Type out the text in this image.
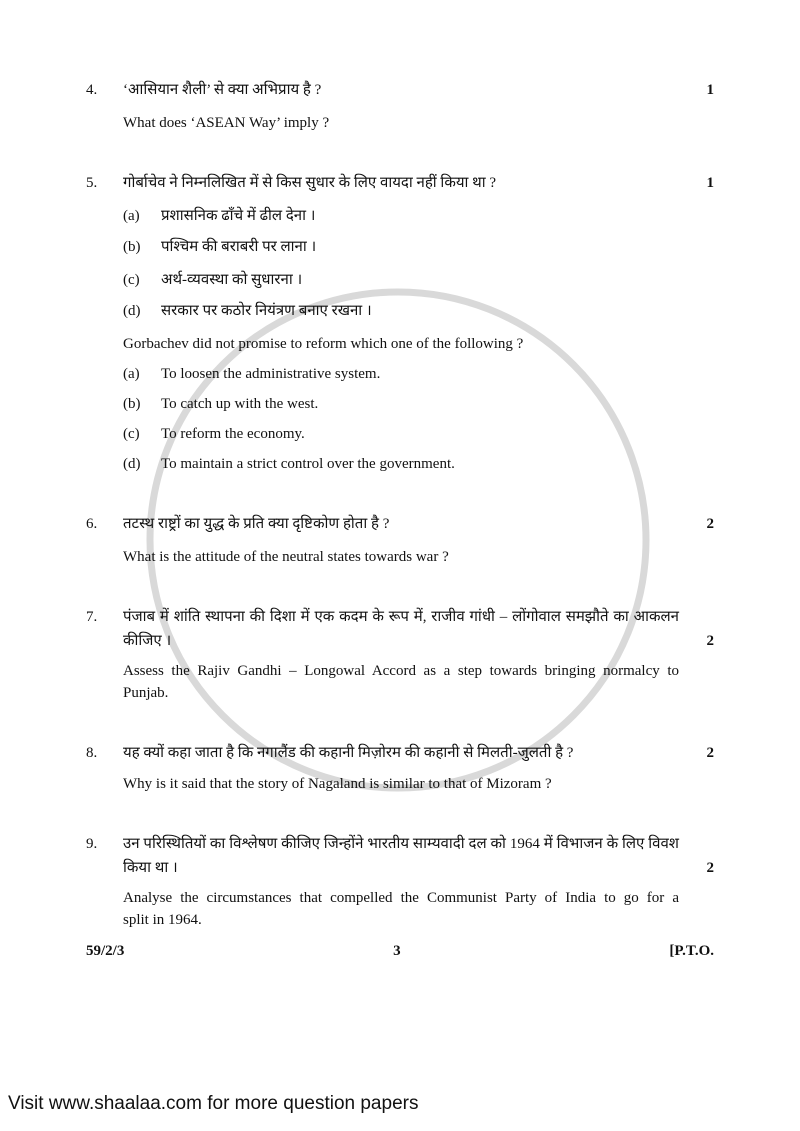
4.	‘आसियान शैली’ से क्या अभिप्राय है ?	1
What does ‘ASEAN Way’ imply ?
5.	गोर्बाचेव ने निम्नलिखित में से किस सुधार के लिए वायदा नहीं किया था ?	1
(a)	प्रशासनिक ढाँचे में ढील देना ।
(b)	पश्चिम की बराबरी पर लाना ।
(c)	अर्थ-व्यवस्था को सुधारना ।
(d)	सरकार पर कठोर नियंत्रण बनाए रखना ।
Gorbachev did not promise to reform which one of the following ?
(a)	To loosen the administrative system.
(b)	To catch up with the west.
(c)	To reform the economy.
(d)	To maintain a strict control over the government.
6.	तटस्थ राष्ट्रों का युद्ध के प्रति क्या दृष्टिकोण होता है ?	2
What is the attitude of the neutral states towards war ?
7.	पंजाब में शांति स्थापना की दिशा में एक कदम के रूप में, राजीव गांधी – लोंगोवाल समझौते का आकलन
कीजिए ।	2
Assess the Rajiv Gandhi – Longowal Accord as a step towards bringing normalcy to
Punjab.
8.	यह क्यों कहा जाता है कि नगालैंड की कहानी मिज़ोरम की कहानी से मिलती-जुलती है ?	2
Why is it said that the story of Nagaland is similar to that of Mizoram ?
9.	उन परिस्थितियों का विश्लेषण कीजिए जिन्होंने भारतीय साम्यवादी दल को 1964 में विभाजन के लिए विवश
किया था ।	2
Analyse the circumstances that compelled the Communist Party of India to go for a
split in 1964.
59/2/3	3	[P.T.O.
Visit www.shaalaa.com for more question papers
